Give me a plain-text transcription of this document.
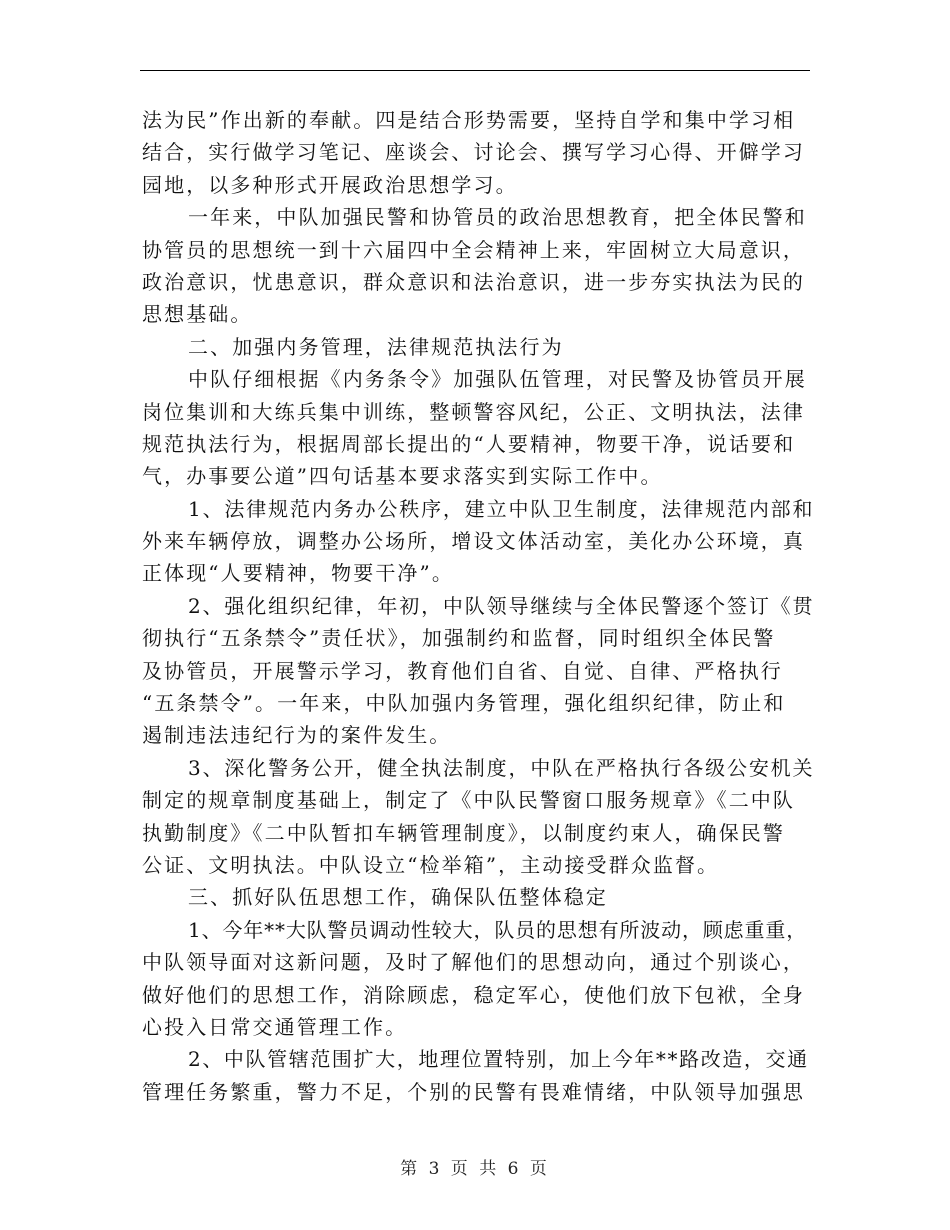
法为民”作出新的奉献。四是结合形势需要，坚持自学和集中学习相
结合，实行做学习笔记、座谈会、讨论会、撰写学习心得、开僻学习
园地，以多种形式开展政治思想学习。
一年来，中队加强民警和协管员的政治思想教育，把全体民警和
协管员的思想统一到十六届四中全会精神上来，牢固树立大局意识，
政治意识，忧患意识，群众意识和法治意识，进一步夯实执法为民的
思想基础。
二、加强内务管理，法律规范执法行为
中队仔细根据《内务条令》加强队伍管理，对民警及协管员开展
岗位集训和大练兵集中训练，整顿警容风纪，公正、文明执法，法律
规范执法行为，根据周部长提出的“人要精神，物要干净，说话要和
气，办事要公道”四句话基本要求落实到实际工作中。
1、法律规范内务办公秩序，建立中队卫生制度，法律规范内部和
外来车辆停放，调整办公场所，增设文体活动室，美化办公环境，真
正体现“人要精神，物要干净”。
2、强化组织纪律，年初，中队领导继续与全体民警逐个签订《贯
彻执行“五条禁令”责任状》，加强制约和监督，同时组织全体民警
及协管员，开展警示学习，教育他们自省、自觉、自律、严格执行
“五条禁令”。一年来，中队加强内务管理，强化组织纪律，防止和
遏制违法违纪行为的案件发生。
3、深化警务公开，健全执法制度，中队在严格执行各级公安机关
制定的规章制度基础上，制定了《中队民警窗口服务规章》《二中队
执勤制度》《二中队暂扣车辆管理制度》，以制度约束人，确保民警
公证、文明执法。中队设立“检举箱”，主动接受群众监督。
三、抓好队伍思想工作，确保队伍整体稳定
1、今年**大队警员调动性较大，队员的思想有所波动，顾虑重重，
中队领导面对这新问题，及时了解他们的思想动向，通过个别谈心，
做好他们的思想工作，消除顾虑，稳定军心，使他们放下包袱，全身
心投入日常交通管理工作。
2、中队管辖范围扩大，地理位置特别，加上今年**路改造，交通
管理任务繁重，警力不足，个别的民警有畏难情绪，中队领导加强思
第 3 页 共 6 页
